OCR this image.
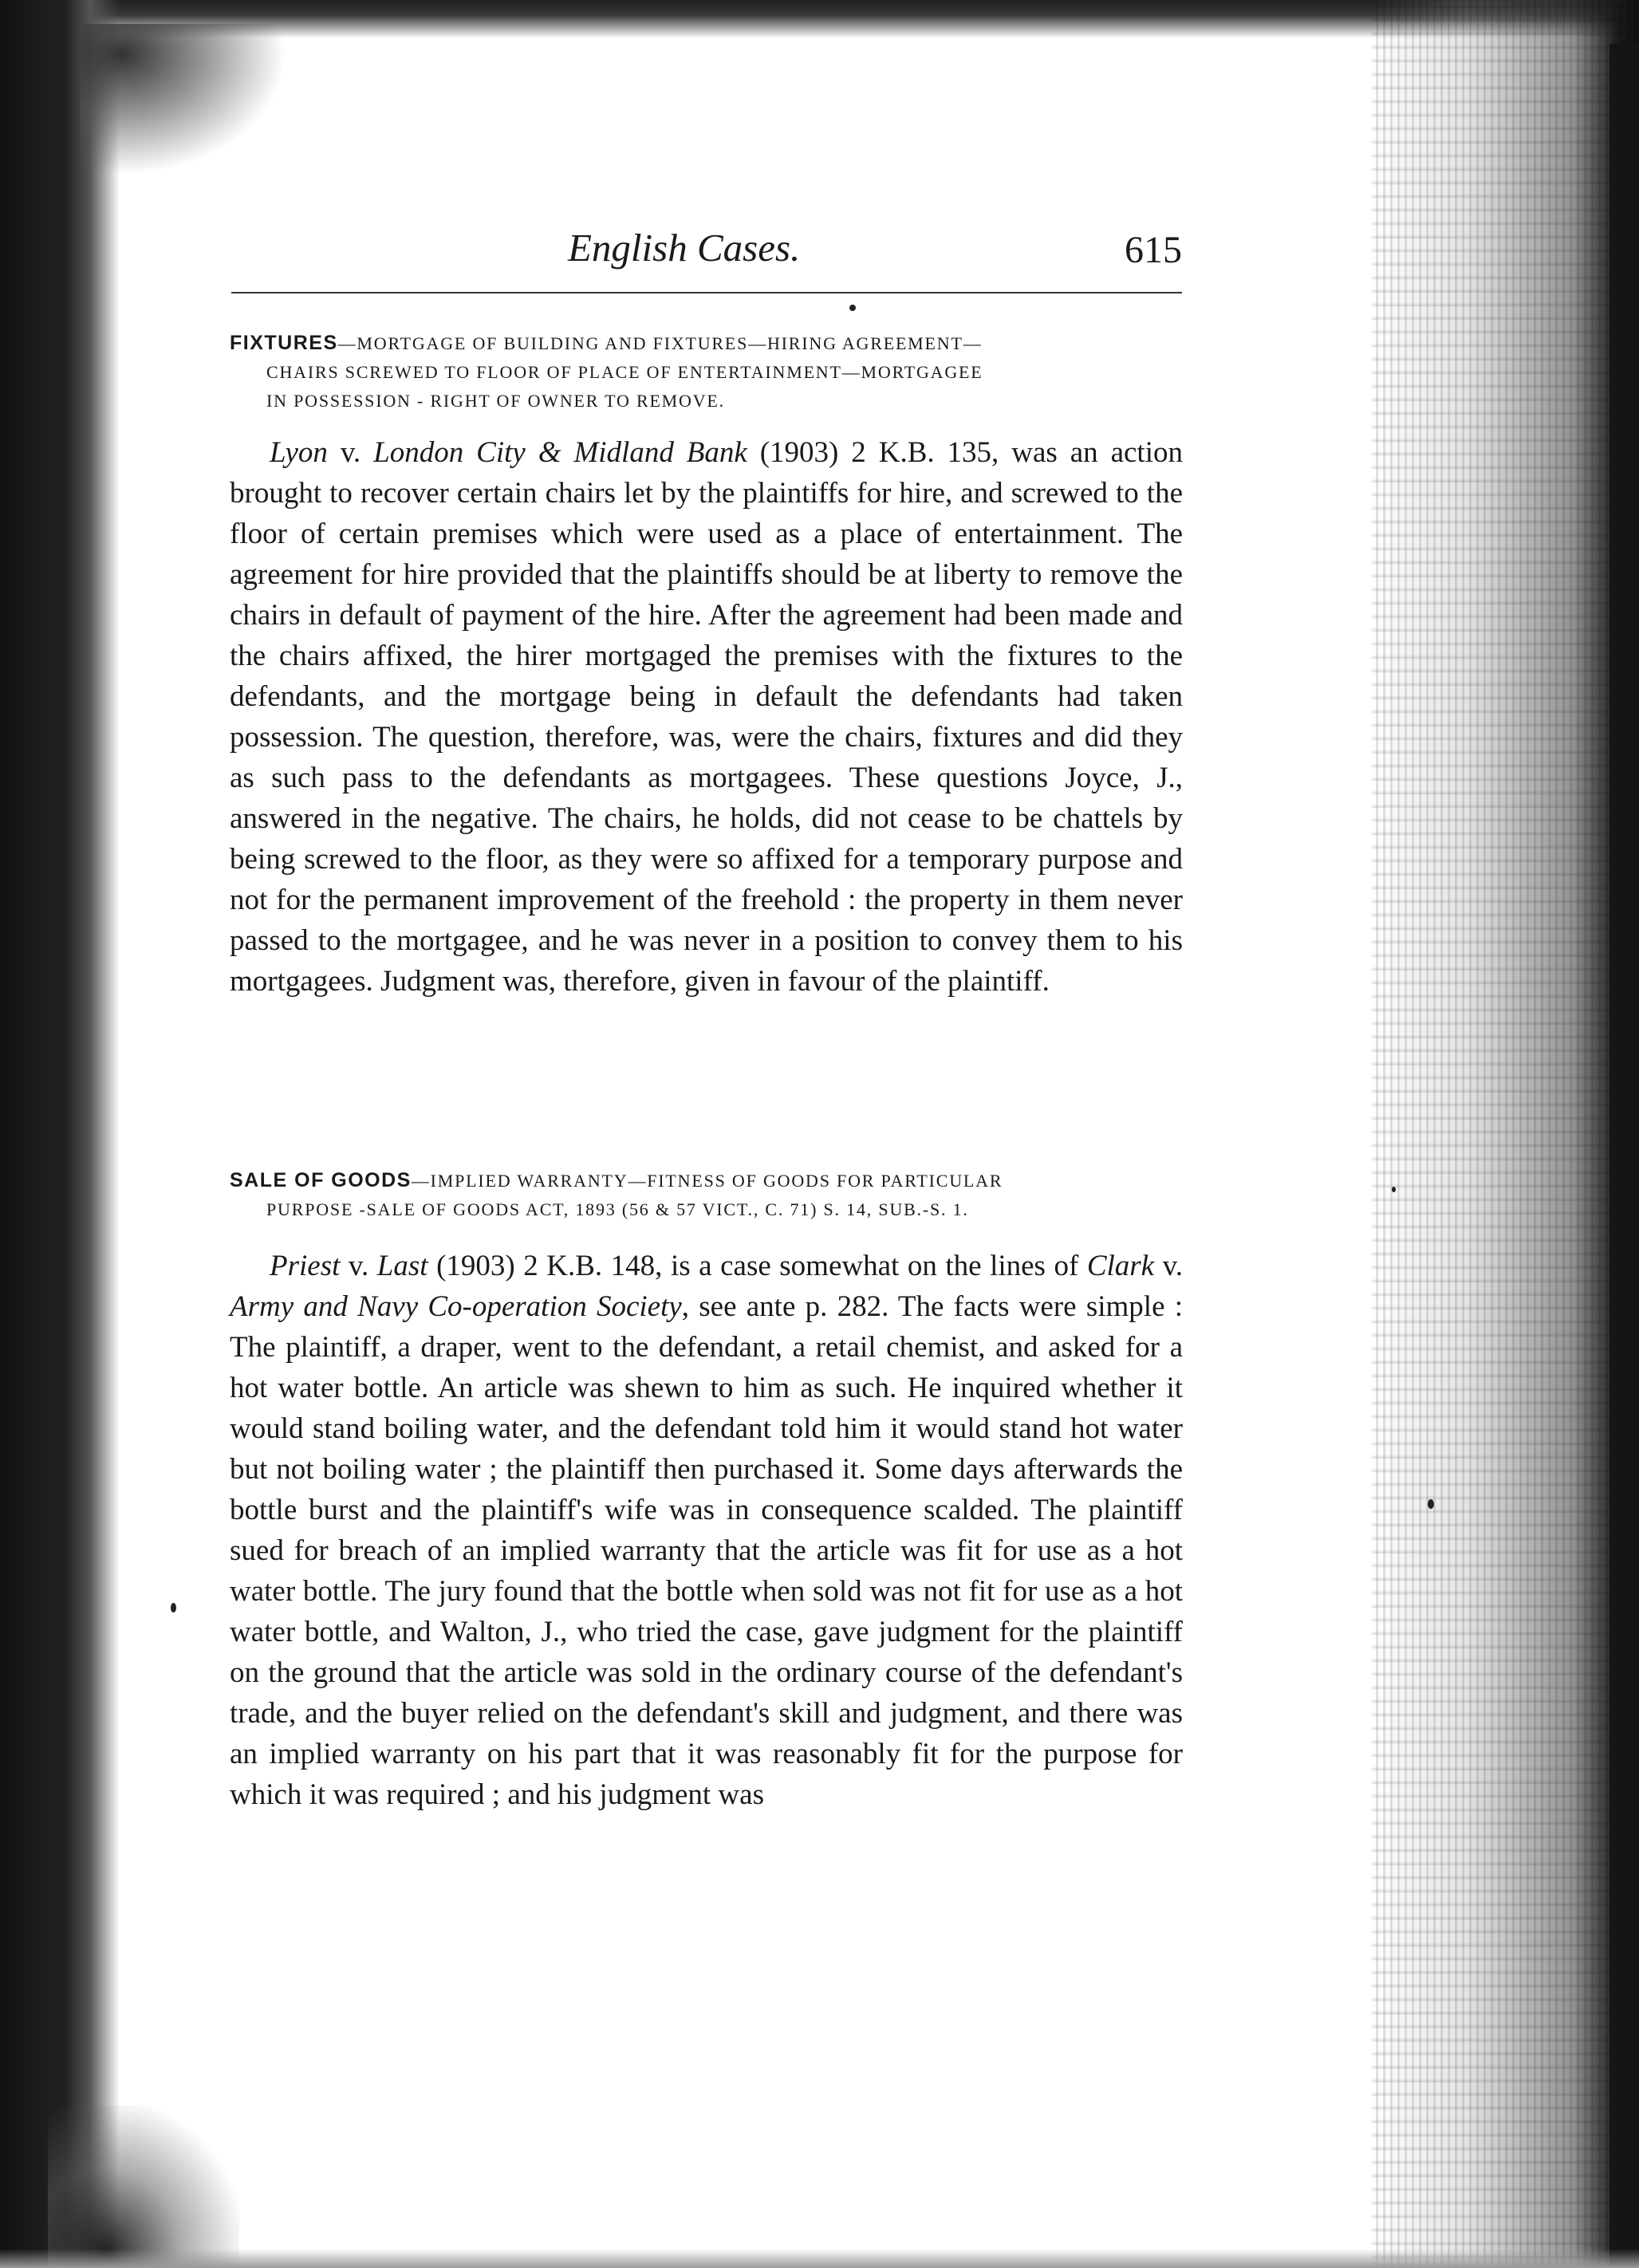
English Cases.	615
FIXTURES—MORTGAGE OF BUILDING AND FIXTURES—HIRING AGREEMENT—
CHAIRS SCREWED TO FLOOR OF PLACE OF ENTERTAINMENT—MORTGAGEE
IN POSSESSION - RIGHT OF OWNER TO REMOVE.

Lyon v. London City & Midland Bank (1903) 2 K.B. 135, was an action brought to recover certain chairs let by the plaintiffs for hire, and screwed to the floor of certain premises which were used as a place of entertainment. The agreement for hire provided that the plaintiffs should be at liberty to remove the chairs in default of payment of the hire. After the agreement had been made and the chairs affixed, the hirer mortgaged the premises with the fixtures to the defendants, and the mortgage being in default the defendants had taken possession. The question, therefore, was, were the chairs, fixtures and did they as such pass to the defendants as mortgagees. These questions Joyce, J., answered in the negative. The chairs, he holds, did not cease to be chattels by being screwed to the floor, as they were so affixed for a temporary purpose and not for the permanent improvement of the freehold : the property in them never passed to the mortgagee, and he was never in a position to convey them to his mortgagees. Judgment was, therefore, given in favour of the plaintiff.

SALE OF GOODS—IMPLIED WARRANTY—FITNESS OF GOODS FOR PARTICULAR
PURPOSE -SALE OF GOODS ACT, 1893 (56 & 57 VICT., C. 71) S. 14, SUB.-S. 1.

Priest v. Last (1903) 2 K.B. 148, is a case somewhat on the lines of Clark v. Army and Navy Co-operation Society, see ante p. 282. The facts were simple : The plaintiff, a draper, went to the defendant, a retail chemist, and asked for a hot water bottle. An article was shewn to him as such. He inquired whether it would stand boiling water, and the defendant told him it would stand hot water but not boiling water ; the plaintiff then purchased it. Some days afterwards the bottle burst and the plaintiff's wife was in consequence scalded. The plaintiff sued for breach of an implied warranty that the article was fit for use as a hot water bottle. The jury found that the bottle when sold was not fit for use as a hot water bottle, and Walton, J., who tried the case, gave judgment for the plaintiff on the ground that the article was sold in the ordinary course of the defendant's trade, and the buyer relied on the defendant's skill and judgment, and there was an implied warranty on his part that it was reasonably fit for the purpose for which it was required ; and his judgment was
